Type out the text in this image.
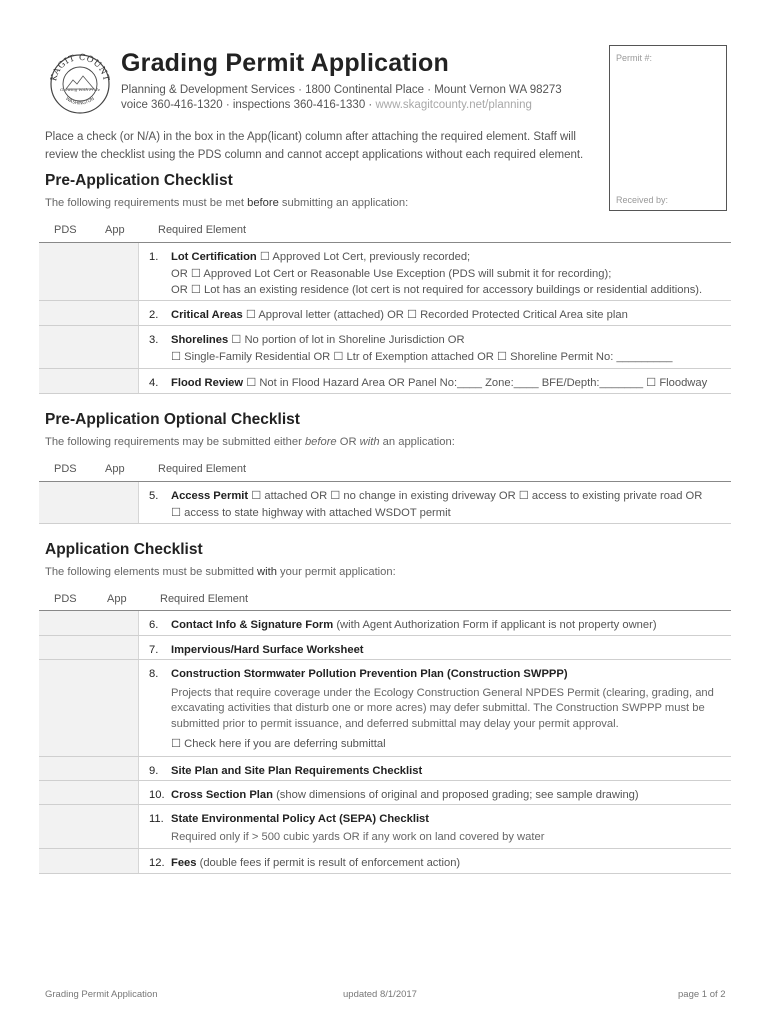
KAGIT COUNT
WASHINGTON
Growing With Pride
Grading Permit Application
Planning & Development Services · 1800 Continental Place · Mount Vernon WA 98273
voice 360-416-1320 · inspections 360-416-1330 · www.skagitcounty.net/planning
Permit #:
Received by:
Place a check (or N/A) in the box in the App(licant) column after attaching the required element. Staff will review the checklist using the PDS column and cannot accept applications without each required element.
Pre-Application Checklist
The following requirements must be met before submitting an application:
PDS	App	Required Element
1. Lot Certification ☐ Approved Lot Cert, previously recorded;
OR ☐ Approved Lot Cert or Reasonable Use Exception (PDS will submit it for recording);
OR ☐ Lot has an existing residence (lot cert is not required for accessory buildings or residential additions).
2. Critical Areas ☐ Approval letter (attached) OR ☐ Recorded Protected Critical Area site plan
3. Shorelines ☐ No portion of lot in Shoreline Jurisdiction OR
☐ Single-Family Residential OR ☐ Ltr of Exemption attached OR ☐ Shoreline Permit No: _________
4. Flood Review ☐ Not in Flood Hazard Area OR Panel No:____ Zone:____ BFE/Depth:_______ ☐ Floodway
Pre-Application Optional Checklist
The following requirements may be submitted either before OR with an application:
PDS	App	Required Element
5. Access Permit ☐ attached OR ☐ no change in existing driveway OR ☐ access to existing private road OR
☐ access to state highway with attached WSDOT permit
Application Checklist
The following elements must be submitted with your permit application:
PDS	App	Required Element
6. Contact Info & Signature Form (with Agent Authorization Form if applicant is not property owner)
7. Impervious/Hard Surface Worksheet
8. Construction Stormwater Pollution Prevention Plan (Construction SWPPP)
Projects that require coverage under the Ecology Construction General NPDES Permit (clearing, grading, and excavating activities that disturb one or more acres) may defer submittal. The Construction SWPPP must be submitted prior to permit issuance, and deferred submittal may delay your permit approval.
☐ Check here if you are deferring submittal
9. Site Plan and Site Plan Requirements Checklist
10. Cross Section Plan (show dimensions of original and proposed grading; see sample drawing)
11. State Environmental Policy Act (SEPA) Checklist
Required only if > 500 cubic yards OR if any work on land covered by water
12. Fees (double fees if permit is result of enforcement action)
Grading Permit Application	updated 8/1/2017	page 1 of 2
